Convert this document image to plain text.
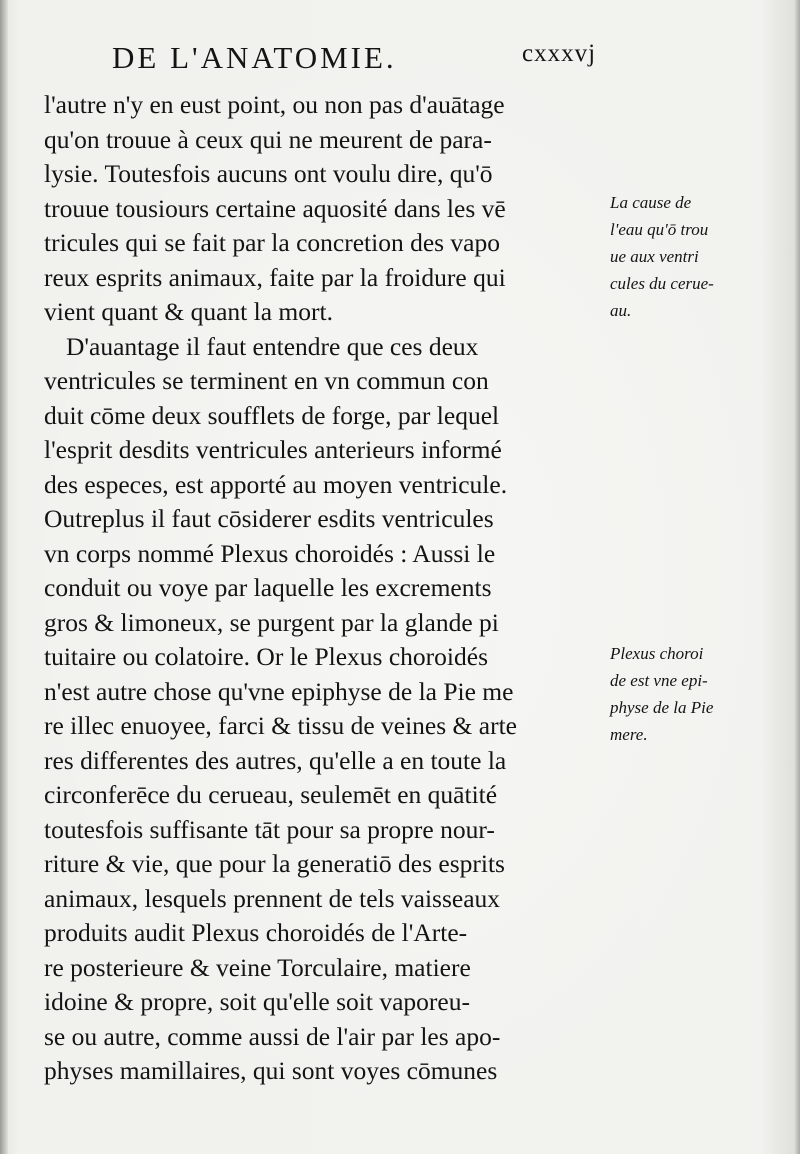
DE L'ANATOMIE.	cxxxvj
l'autre n'y en eust point, ou non pas d'auātage
qu'on trouue à ceux qui ne meurent de para-
lysie. Toutesfois aucuns ont voulu dire, qu'ō
trouue tousiours certaine aquosité dans les vē
tricules qui se fait par la concretion des vapo
reux esprits animaux, faite par la froidure qui
vient quant & quant la mort.
D'auantage il faut entendre que ces deux
ventricules se terminent en vn commun con
duit cōme deux soufflets de forge, par lequel
l'esprit desdits ventricules anterieurs informé
des especes, est apporté au moyen ventricule.
Outreplus il faut cōsiderer esdits ventricules
vn corps nommé Plexus choroidés : Aussi le
conduit ou voye par laquelle les excrements
gros & limoneux, se purgent par la glande pi
tuitaire ou colatoire. Or le Plexus choroidés
n'est autre chose qu'vne epiphyse de la Pie me
re illec enuoyee, farci & tissu de veines & arte
res differentes des autres, qu'elle a en toute la
circonferēce du cerueau, seulemēt en quātité
toutesfois suffisante tāt pour sa propre nour-
riture & vie, que pour la generatiō des esprits
animaux, lesquels prennent de tels vaisseaux
produits audit Plexus choroidés de l'Arte-
re posterieure & veine Torculaire, matiere
idoine & propre, soit qu'elle soit vaporeu-
se ou autre, comme aussi de l'air par les apo-
physes mamillaires, qui sont voyes cōmunes
La cause de
l'eau qu'ō trou
ue aux ventri
cules du cerue-
au.
Plexus choroi
de est vne epi-
physe de la Pie
mere.
